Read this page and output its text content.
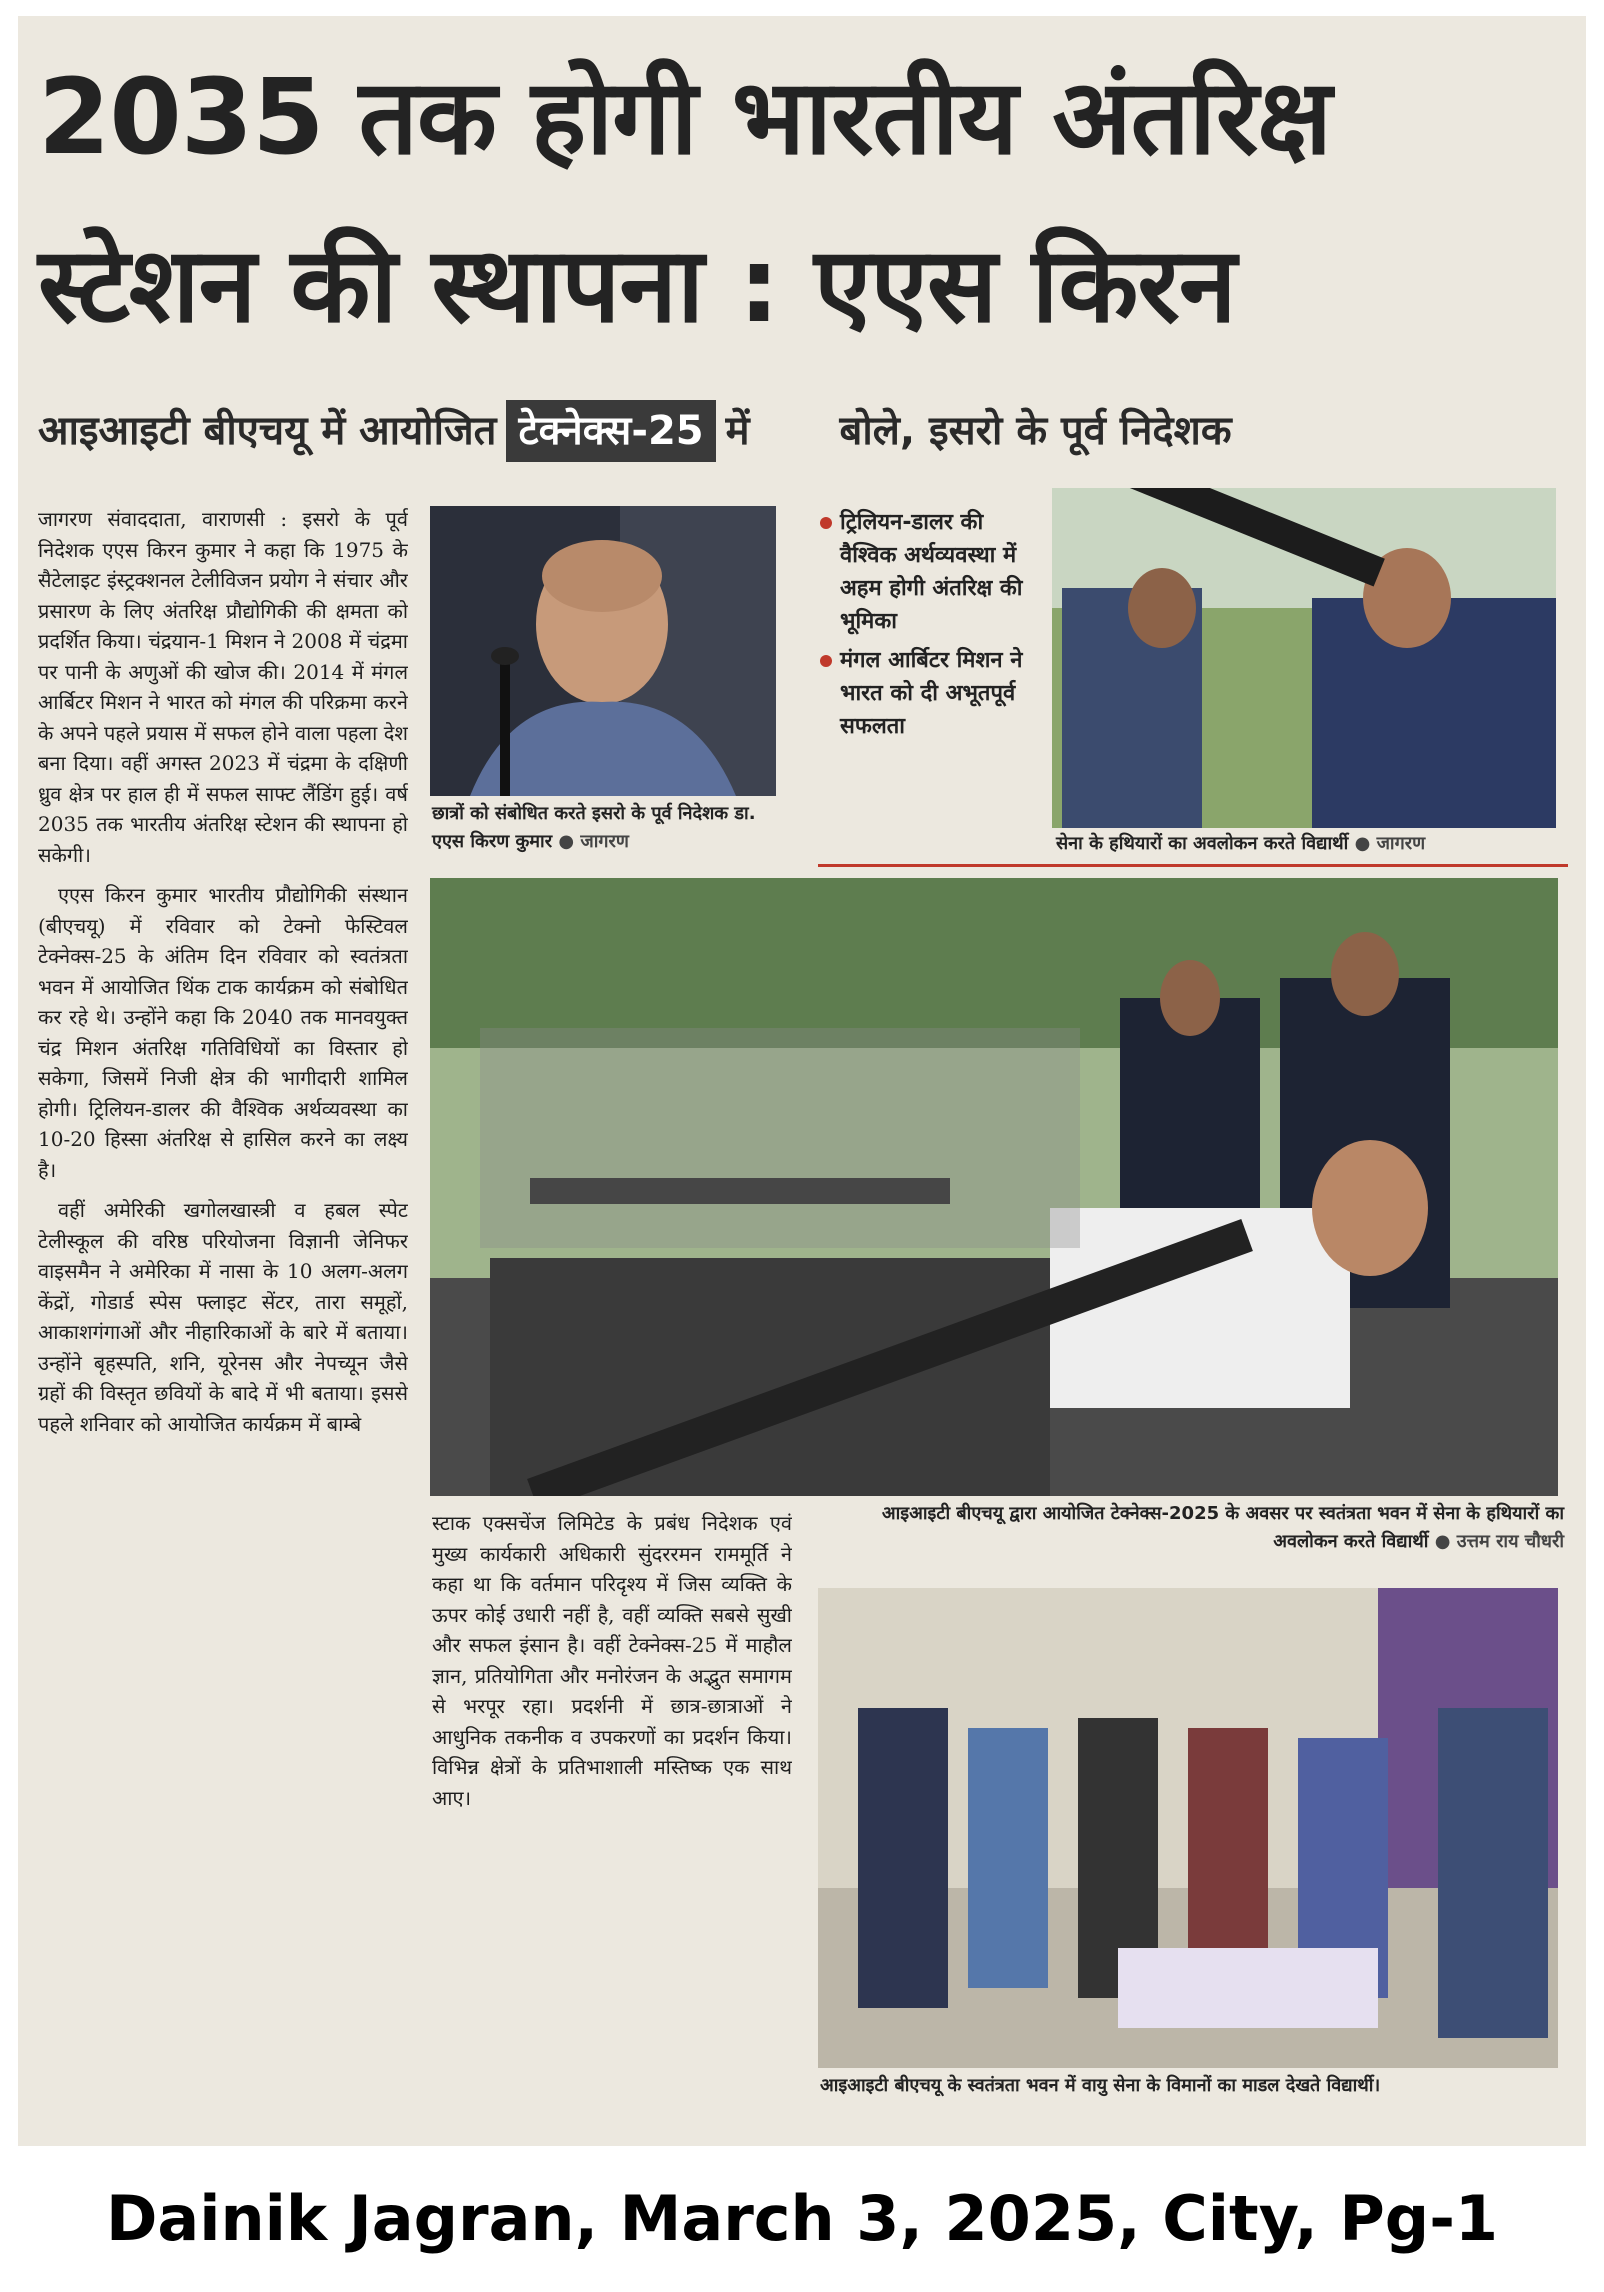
2035 तक होगी भारतीय अंतरिक्ष
स्टेशन की स्थापना : एएस किरन
आइआइटी बीएचयू में आयोजित टेक्नेक्स-25 में बोले, इसरो के पूर्व निदेशक

जागरण संवाददाता, वाराणसी : इसरो के पूर्व निदेशक एएस किरन कुमार ने कहा कि 1975 के सैटेलाइट इंस्ट्रक्शनल टेलीविजन प्रयोग ने संचार और प्रसारण के लिए अंतरिक्ष प्रौद्योगिकी की क्षमता को प्रदर्शित किया। चंद्रयान-1 मिशन ने 2008 में चंद्रमा पर पानी के अणुओं की खोज की। 2014 में मंगल आर्बिटर मिशन ने भारत को मंगल की परिक्रमा करने के अपने पहले प्रयास में सफल होने वाला पहला देश बना दिया। वहीं अगस्त 2023 में चंद्रमा के दक्षिणी ध्रुव क्षेत्र पर हाल ही में सफल साफ्ट लैंडिंग हुई। वर्ष 2035 तक भारतीय अंतरिक्ष स्टेशन की स्थापना हो सकेगी।

एएस किरन कुमार भारतीय प्रौद्योगिकी संस्थान (बीएचयू) में रविवार को टेक्नो फेस्टिवल टेक्नेक्स-25 के अंतिम दिन रविवार को स्वतंत्रता भवन में आयोजित थिंक टाक कार्यक्रम को संबोधित कर रहे थे। उन्होंने कहा कि 2040 तक मानवयुक्त चंद्र मिशन अंतरिक्ष गतिविधियों का विस्तार हो सकेगा, जिसमें निजी क्षेत्र की भागीदारी शामिल होगी। ट्रिलियन-डालर की वैश्विक अर्थव्यवस्था का 10-20 हिस्सा अंतरिक्ष से हासिल करने का लक्ष्य है।

वहीं अमेरिकी खगोलखास्त्री व हबल स्पेट टेलीस्कूल की वरिष्ठ परियोजना विज्ञानी जेनिफर वाइसमैन ने अमेरिका में नासा के 10 अलग-अलग केंद्रों, गोडार्ड स्पेस फ्लाइट सेंटर, तारा समूहों, आकाशगंगाओं और नीहारिकाओं के बारे में बताया। उन्होंने बृहस्पति, शनि, यूरेनस और नेपच्यून जैसे ग्रहों की विस्तृत छवियों के बादे में भी बताया। इससे पहले शनिवार को आयोजित कार्यक्रम में बाम्बे

छात्रों को संबोधित करते इसरो के पूर्व निदेशक डा. एएस किरण कुमार ● जागरण
ट्रिलियन-डालर की वैश्विक अर्थव्यवस्था में अहम होगी अंतरिक्ष की भूमिका
मंगल आर्बिटर मिशन ने भारत को दी अभूतपूर्व सफलता
सेना के हथियारों का अवलोकन करते विद्यार्थी ● जागरण
आइआइटी बीएचयू द्वारा आयोजित टेक्नेक्स-2025 के अवसर पर स्वतंत्रता भवन में सेना के हथियारों का अवलोकन करते विद्यार्थी ● उत्तम राय चौधरी

स्टाक एक्सचेंज लिमिटेड के प्रबंध निदेशक एवं मुख्य कार्यकारी अधिकारी सुंदररमन राममूर्ति ने कहा था कि वर्तमान परिदृश्य में जिस व्यक्ति के ऊपर कोई उधारी नहीं है, वहीं व्यक्ति सबसे सुखी और सफल इंसान है। वहीं टेक्नेक्स-25 में माहौल ज्ञान, प्रतियोगिता और मनोरंजन के अद्भुत समागम से भरपूर रहा। प्रदर्शनी में छात्र-छात्राओं ने आधुनिक तकनीक व उपकरणों का प्रदर्शन किया। विभिन्न क्षेत्रों के प्रतिभाशाली मस्तिष्क एक साथ आए।

आइआइटी बीएचयू के स्वतंत्रता भवन में वायु सेना के विमानों का माडल देखते विद्यार्थी।
Dainik Jagran, March 3, 2025, City, Pg-1
